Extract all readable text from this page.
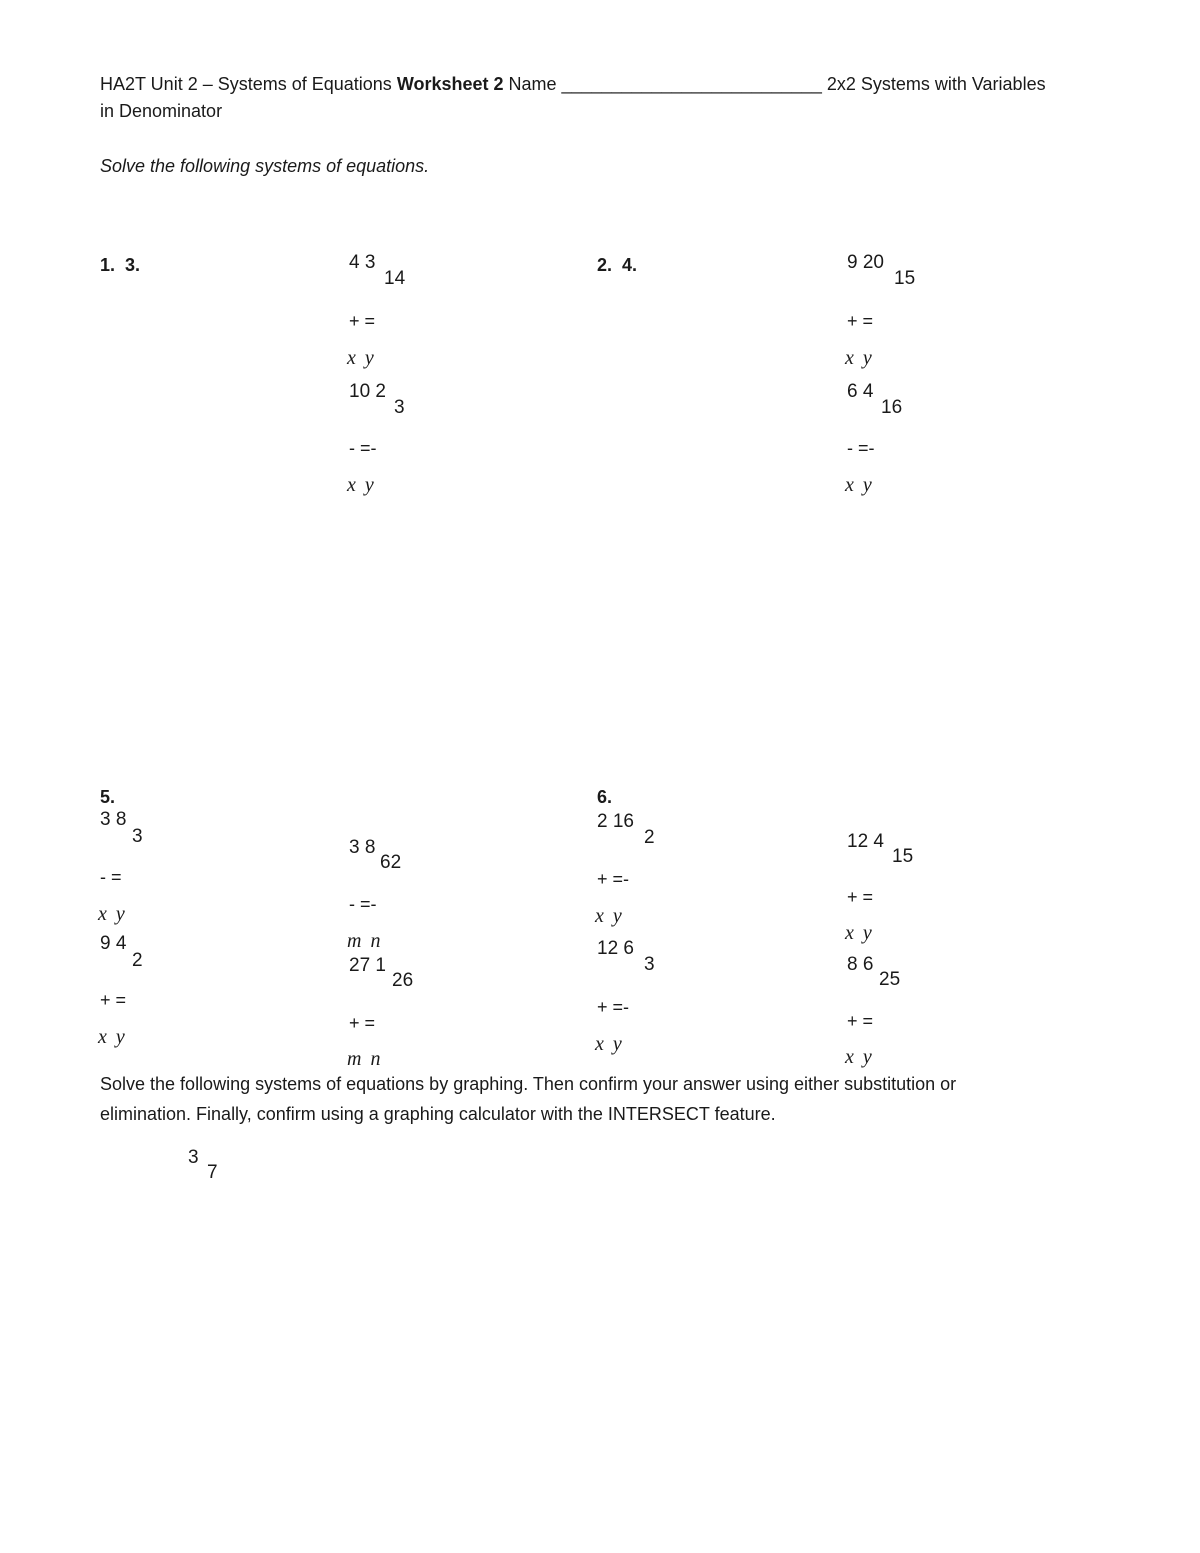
HA2T Unit 2 – Systems of Equations Worksheet 2 Name __________________________ 2x2 Systems with Variables
in Denominator
Solve the following systems of equations.
1. 3.	4 3
14
+ =
x y
10 2
3
- =-
x y
2. 4.	9 20
15
+ =
x y
6 4
16
- =-
x y
5.
3 8
3
- =
x y
9 4
2
+ =
x y
3 8
62
- =-
m n
27 1
26
+ =
m n
6.
2 16
2
+ =-
x y
12 6
3
+ =-
x y
12 4
15
+ =
x y
8 6
25
+ =
x y
Solve the following systems of equations by graphing. Then confirm your answer using either substitution or
elimination. Finally, confirm using a graphing calculator with the INTERSECT feature.
3
7
